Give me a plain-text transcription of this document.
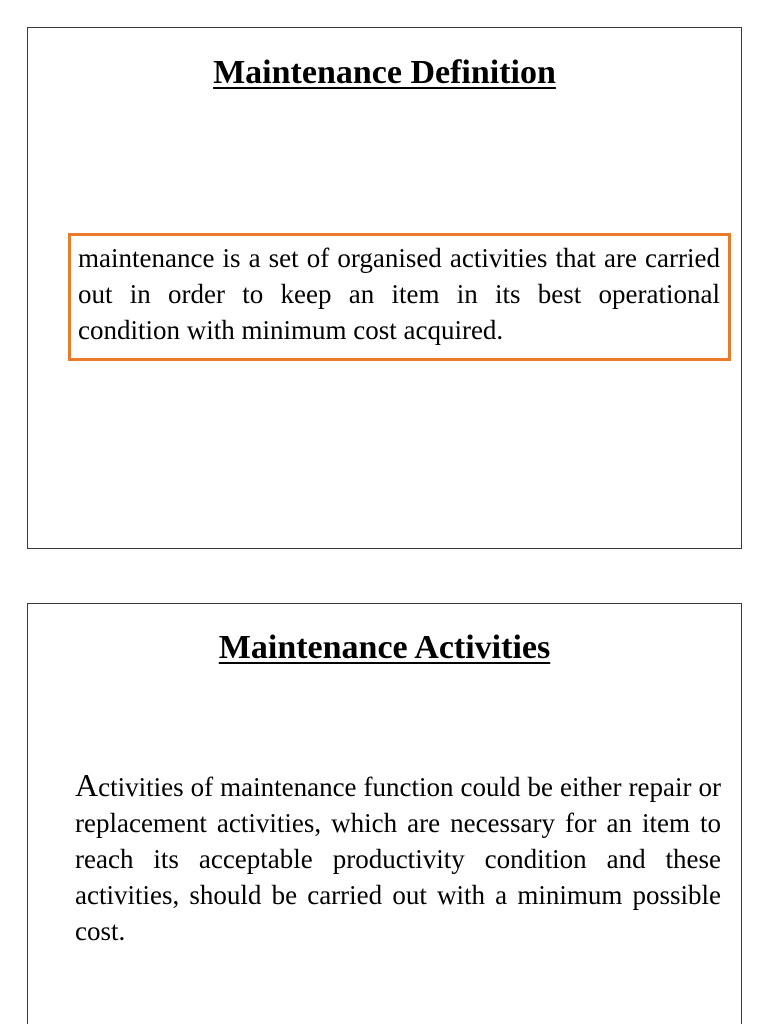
Maintenance Definition

maintenance is a set of organised activities that are carried out in order to keep an item in its best operational condition with minimum cost acquired.

Maintenance Activities

Activities of maintenance function could be either repair or replacement activities, which are necessary for an item to reach its acceptable productivity condition and these activities, should be carried out with a minimum possible cost.
